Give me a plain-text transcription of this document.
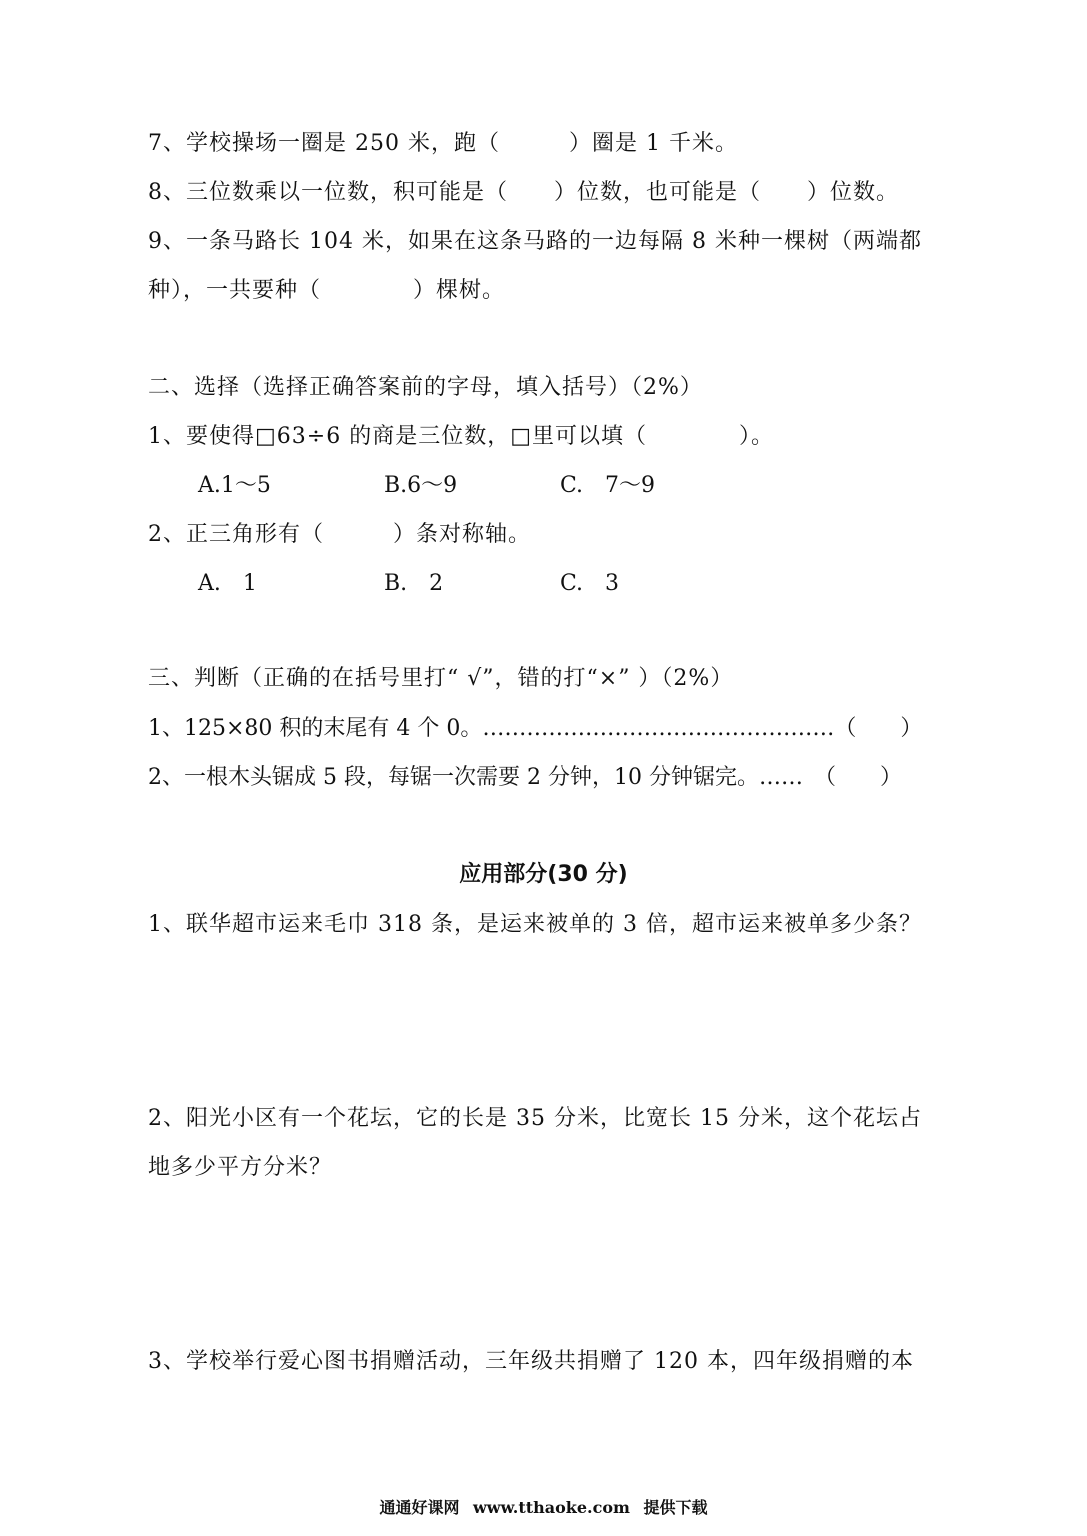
7、学校操场一圈是 250 米，跑（　　　）圈是 1 千米。
8、三位数乘以一位数，积可能是（　　）位数，也可能是（　　）位数。
9、一条马路长 104 米，如果在这条马路的一边每隔 8 米种一棵树（两端都
种），一共要种（　　　　）棵树。
二、选择（选择正确答案前的字母，填入括号）（2%）
1、要使得□63÷6 的商是三位数，□里可以填（　　　　）。
A.1～5	B.6～9	C.　7～9
2、正三角形有（　　　）条对称轴。
A.　1	B.　2	C.　3
三、判断（正确的在括号里打“ √”，错的打“×” ）（2%）
1、125×80 积的末尾有 4 个 0。…………………………………………（　　）
2、一根木头锯成 5 段，每锯一次需要 2 分钟，10 分钟锯完。……　（　　）
应用部分(30 分)
1、联华超市运来毛巾 318 条，是运来被单的 3 倍，超市运来被单多少条？
2、阳光小区有一个花坛，它的长是 35 分米，比宽长 15 分米，这个花坛占
地多少平方分米？
3、学校举行爱心图书捐赠活动，三年级共捐赠了 120 本，四年级捐赠的本
通通好课网 www.tthaoke.com 提供下载
